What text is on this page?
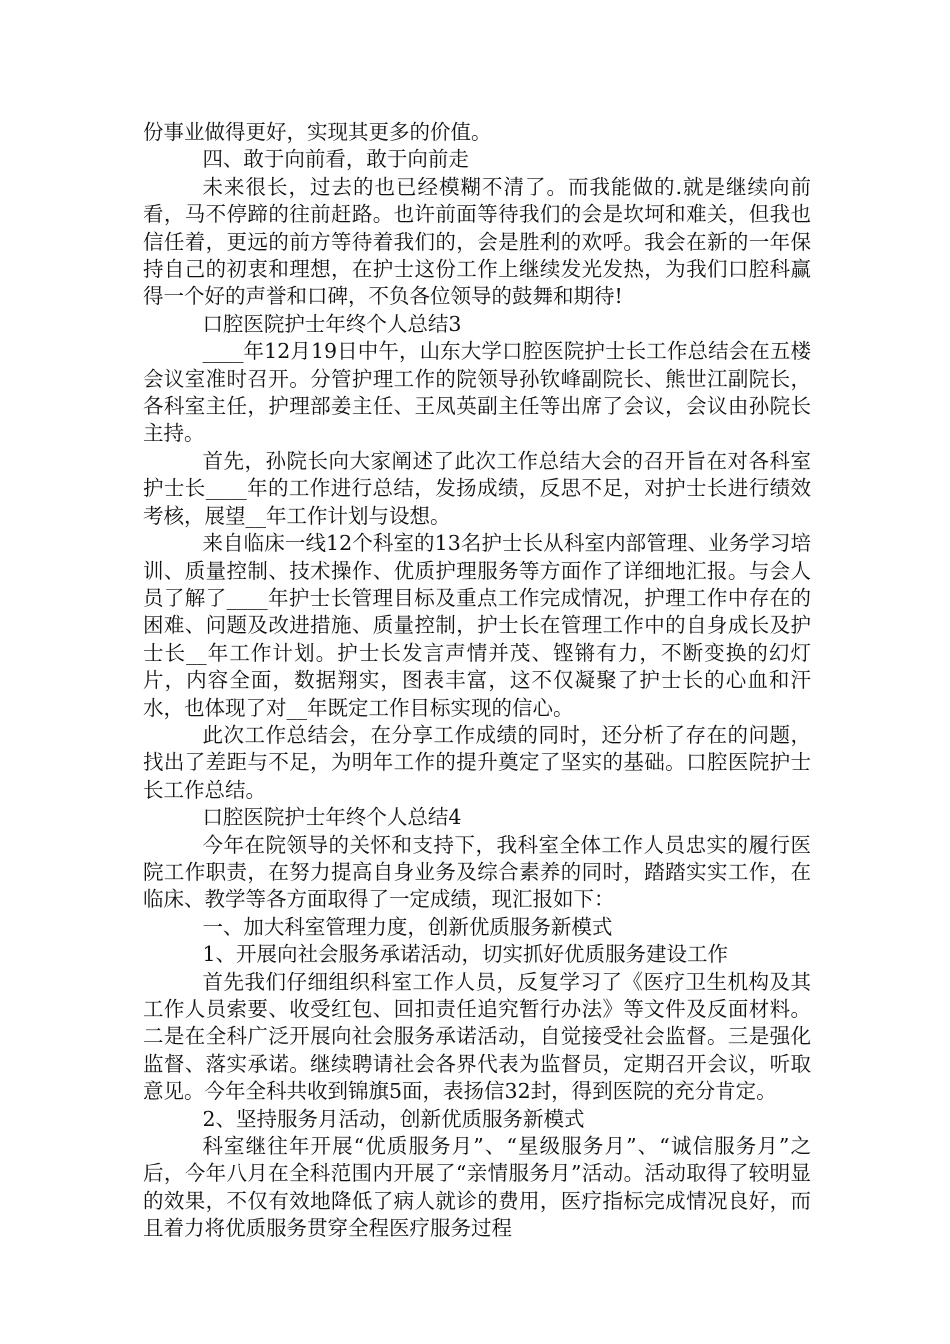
份事业做得更好，实现其更多的价值。

四、敢于向前看，敢于向前走

未来很长，过去的也已经模糊不清了。而我能做的.就是继续向前看，马不停蹄的往前赶路。也许前面等待我们的会是坎坷和难关，但我也信任着，更远的前方等待着我们的，会是胜利的欢呼。我会在新的一年保持自己的初衷和理想，在护士这份工作上继续发光发热，为我们口腔科赢得一个好的声誉和口碑，不负各位领导的鼓舞和期待!

口腔医院护士年终个人总结3

____年12月19日中午，山东大学口腔医院护士长工作总结会在五楼会议室准时召开。分管护理工作的院领导孙钦峰副院长、熊世江副院长，各科室主任，护理部姜主任、王凤英副主任等出席了会议，会议由孙院长主持。

首先，孙院长向大家阐述了此次工作总结大会的召开旨在对各科室护士长____年的工作进行总结，发扬成绩，反思不足，对护士长进行绩效考核，展望__年工作计划与设想。

来自临床一线12个科室的13名护士长从科室内部管理、业务学习培训、质量控制、技术操作、优质护理服务等方面作了详细地汇报。与会人员了解了____年护士长管理目标及重点工作完成情况，护理工作中存在的困难、问题及改进措施、质量控制，护士长在管理工作中的自身成长及护士长__年工作计划。护士长发言声情并茂、铿锵有力，不断变换的幻灯片，内容全面，数据翔实，图表丰富，这不仅凝聚了护士长的心血和汗水，也体现了对__年既定工作目标实现的信心。

此次工作总结会，在分享工作成绩的同时，还分析了存在的问题，找出了差距与不足，为明年工作的提升奠定了坚实的基础。口腔医院护士长工作总结。

口腔医院护士年终个人总结4

今年在院领导的关怀和支持下，我科室全体工作人员忠实的履行医院工作职责，在努力提高自身业务及综合素养的同时，踏踏实实工作，在临床、教学等各方面取得了一定成绩，现汇报如下：

一、加大科室管理力度，创新优质服务新模式

1、开展向社会服务承诺活动，切实抓好优质服务建设工作

首先我们仔细组织科室工作人员，反复学习了《医疗卫生机构及其工作人员索要、收受红包、回扣责任追究暂行办法》等文件及反面材料。二是在全科广泛开展向社会服务承诺活动，自觉接受社会监督。三是强化监督、落实承诺。继续聘请社会各界代表为监督员，定期召开会议，听取意见。今年全科共收到锦旗5面，表扬信32封，得到医院的充分肯定。

2、坚持服务月活动，创新优质服务新模式

科室继往年开展“优质服务月”、“星级服务月”、“诚信服务月”之后，今年八月在全科范围内开展了“亲情服务月”活动。活动取得了较明显的效果，不仅有效地降低了病人就诊的费用，医疗指标完成情况良好，而且着力将优质服务贯穿全程医疗服务过程
